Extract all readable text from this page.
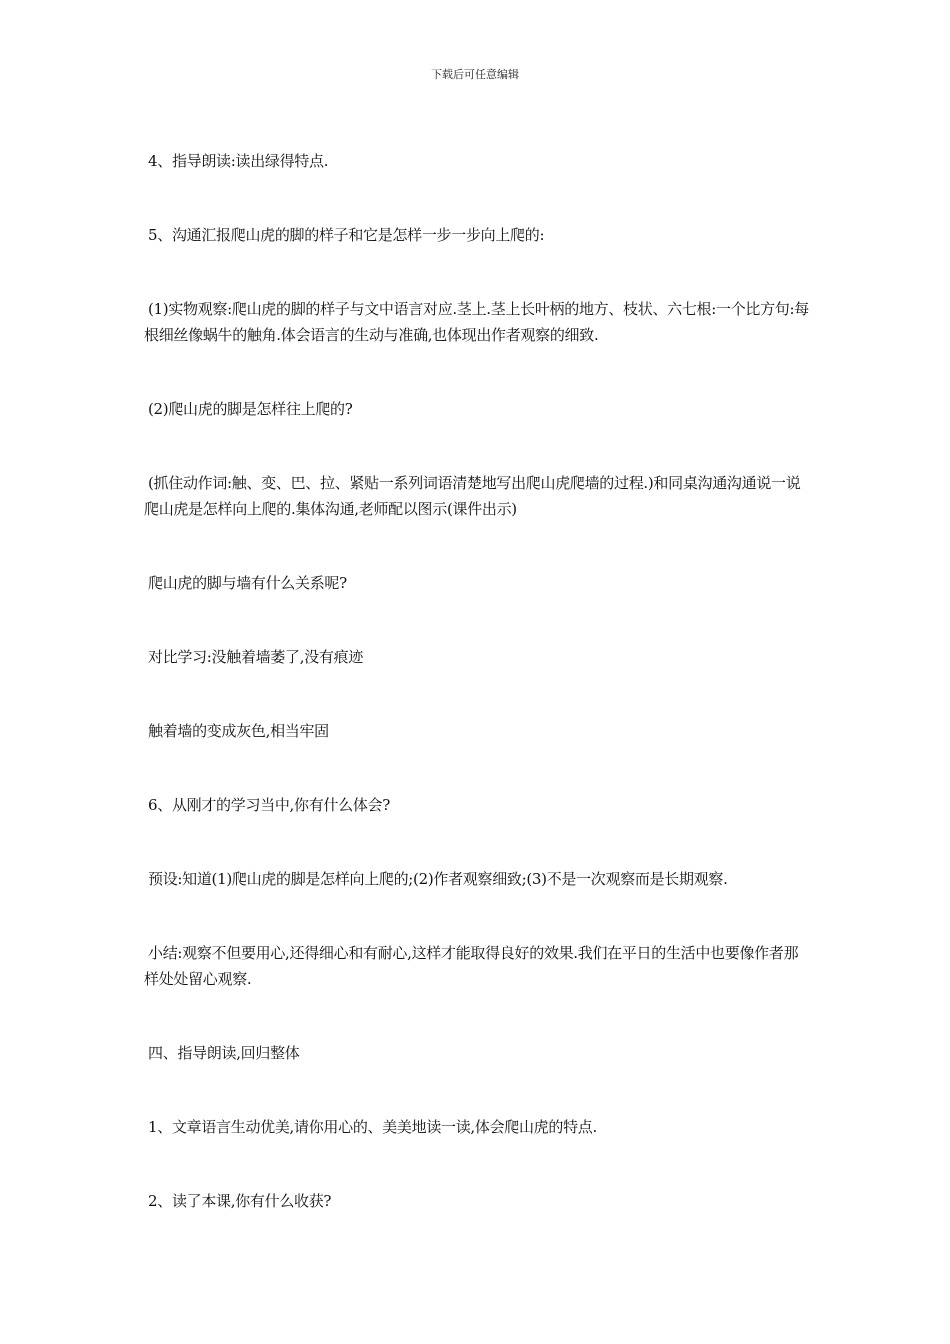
下载后可任意编辑

4、指导朗读:读出绿得特点.

5、沟通汇报爬山虎的脚的样子和它是怎样一步一步向上爬的:

(1)实物观察:爬山虎的脚的样子与文中语言对应.茎上.茎上长叶柄的地方、枝状、六七根:一个比方句:每根细丝像蜗牛的触角.体会语言的生动与准确,也体现出作者观察的细致.

(2)爬山虎的脚是怎样往上爬的?

(抓住动作词:触、变、巴、拉、紧贴一系列词语清楚地写出爬山虎爬墙的过程.)和同桌沟通沟通说一说爬山虎是怎样向上爬的.集体沟通,老师配以图示(课件出示)

爬山虎的脚与墙有什么关系呢?

对比学习:没触着墙萎了,没有痕迹

触着墙的变成灰色,相当牢固

6、从刚才的学习当中,你有什么体会?

预设:知道(1)爬山虎的脚是怎样向上爬的;(2)作者观察细致;(3)不是一次观察而是长期观察.

小结:观察不但要用心,还得细心和有耐心,这样才能取得良好的效果.我们在平日的生活中也要像作者那样处处留心观察.

四、指导朗读,回归整体

1、文章语言生动优美,请你用心的、美美地读一读,体会爬山虎的特点.

2、读了本课,你有什么收获?
